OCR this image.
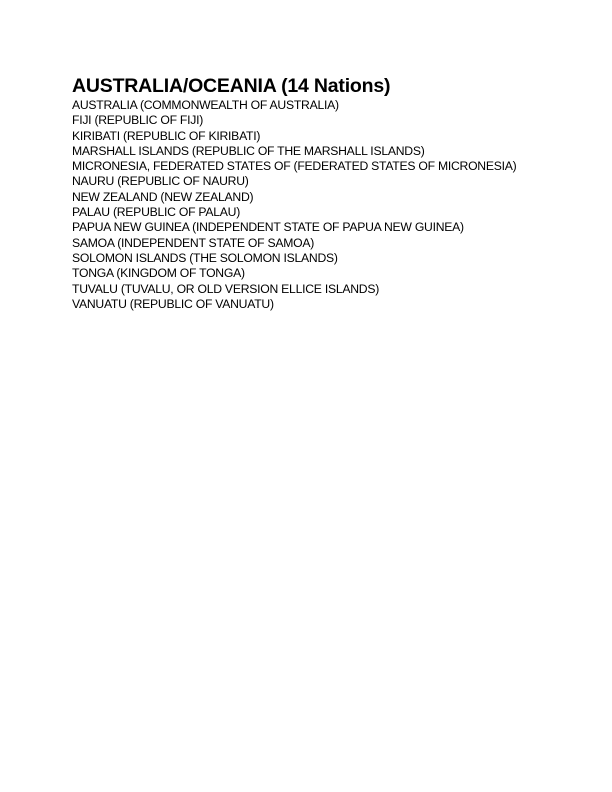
AUSTRALIA/OCEANIA (14 Nations)
AUSTRALIA (COMMONWEALTH OF AUSTRALIA)
FIJI (REPUBLIC OF FIJI)
KIRIBATI (REPUBLIC OF KIRIBATI)
MARSHALL ISLANDS (REPUBLIC OF THE MARSHALL ISLANDS)
MICRONESIA, FEDERATED STATES OF (FEDERATED STATES OF MICRONESIA)
NAURU (REPUBLIC OF NAURU)
NEW ZEALAND (NEW ZEALAND)
PALAU (REPUBLIC OF PALAU)
PAPUA NEW GUINEA (INDEPENDENT STATE OF PAPUA NEW GUINEA)
SAMOA (INDEPENDENT STATE OF SAMOA)
SOLOMON ISLANDS (THE SOLOMON ISLANDS)
TONGA (KINGDOM OF TONGA)
TUVALU (TUVALU, OR OLD VERSION ELLICE ISLANDS)
VANUATU (REPUBLIC OF VANUATU)
